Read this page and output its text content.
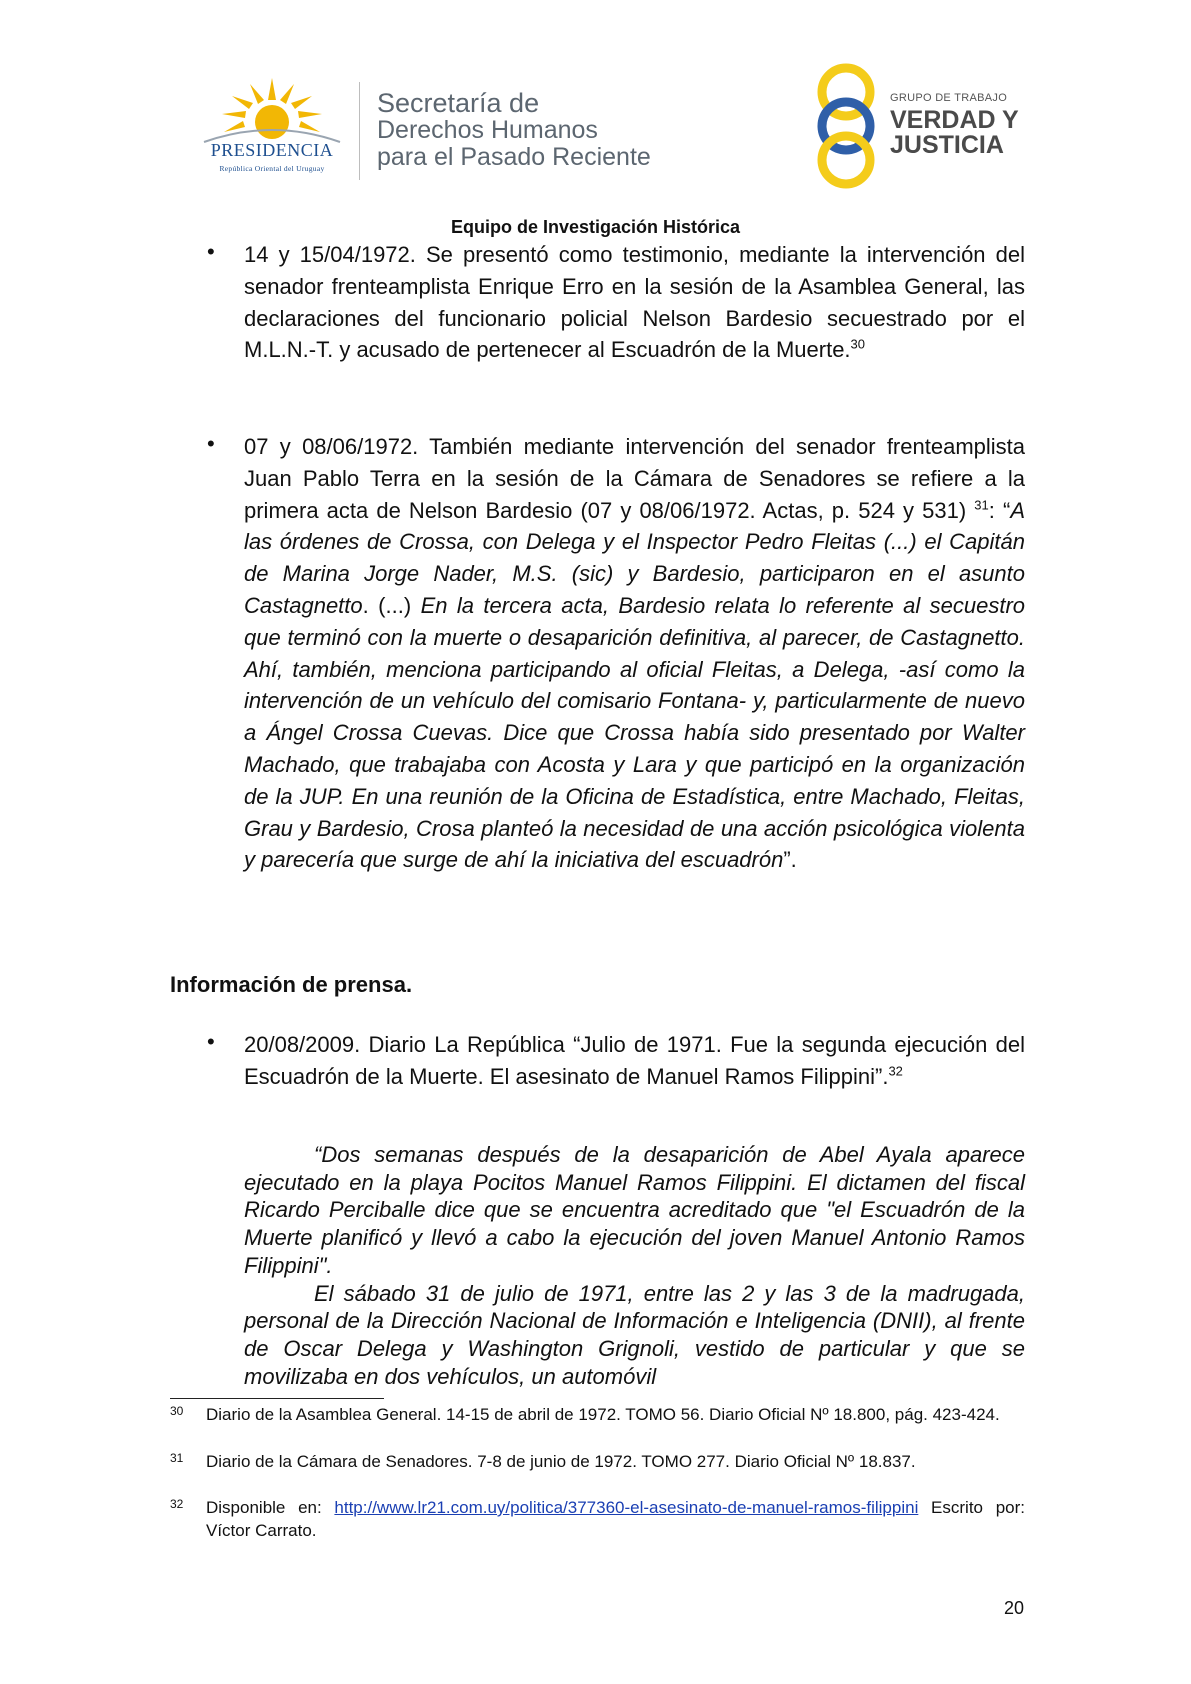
PRESIDENCIA
República Oriental del Uruguay
Secretaría de
Derechos Humanos
para el Pasado Reciente
GRUPO DE TRABAJO
VERDAD Y
JUSTICIA
Equipo de Investigación Histórica
• 14 y 15/04/1972. Se presentó como testimonio, mediante la intervención del senador frenteamplista Enrique Erro en la sesión de la Asamblea General, las declaraciones del funcionario policial Nelson Bardesio secuestrado por el M.L.N.-T. y acusado de pertenecer al Escuadrón de la Muerte.$^{30}$
• 07 y 08/06/1972. También mediante intervención del senador frenteamplista Juan Pablo Terra en la sesión de la Cámara de Senadores se refiere a la primera acta de Nelson Bardesio (07 y 08/06/1972. Actas, p. 524 y 531) $^{31}$: “A las órdenes de Crossa, con Delega y el Inspector Pedro Fleitas (...) el Capitán de Marina Jorge Nader, M.S. (sic) y Bardesio, participaron en el asunto Castagnetto. (...) En la tercera acta, Bardesio relata lo referente al secuestro que terminó con la muerte o desaparición definitiva, al parecer, de Castagnetto. Ahí, también, menciona participando al oficial Fleitas, a Delega, -así como la intervención de un vehículo del comisario Fontana- y, particularmente de nuevo a Ángel Crossa Cuevas. Dice que Crossa había sido presentado por Walter Machado, que trabajaba con Acosta y Lara y que participó en la organización de la JUP. En una reunión de la Oficina de Estadística, entre Machado, Fleitas, Grau y Bardesio, Crosa planteó la necesidad de una acción psicológica violenta y parecería que surge de ahí la iniciativa del escuadrón”.
Información de prensa.
• 20/08/2009. Diario La República “Julio de 1971. Fue la segunda ejecución del Escuadrón de la Muerte. El asesinato de Manuel Ramos Filippini”.$^{32}$

“Dos semanas después de la desaparición de Abel Ayala aparece ejecutado en la playa Pocitos Manuel Ramos Filippini. El dictamen del fiscal Ricardo Perciballe dice que se encuentra acreditado que "el Escuadrón de la Muerte planificó y llevó a cabo la ejecución del joven Manuel Antonio Ramos Filippini".

El sábado 31 de julio de 1971, entre las 2 y las 3 de la madrugada, personal de la Dirección Nacional de Información e Inteligencia (DNII), al frente de Oscar Delega y Washington Grignoli, vestido de particular y que se movilizaba en dos vehículos, un automóvil

30 Diario de la Asamblea General. 14-15 de abril de 1972. TOMO 56. Diario Oficial Nº 18.800, pág. 423-424.
31 Diario de la Cámara de Senadores. 7-8 de junio de 1972. TOMO 277. Diario Oficial Nº 18.837.
32 Disponible en: http://www.lr21.com.uy/politica/377360-el-asesinato-de-manuel-ramos-filippini Escrito por: Víctor Carrato.
20
